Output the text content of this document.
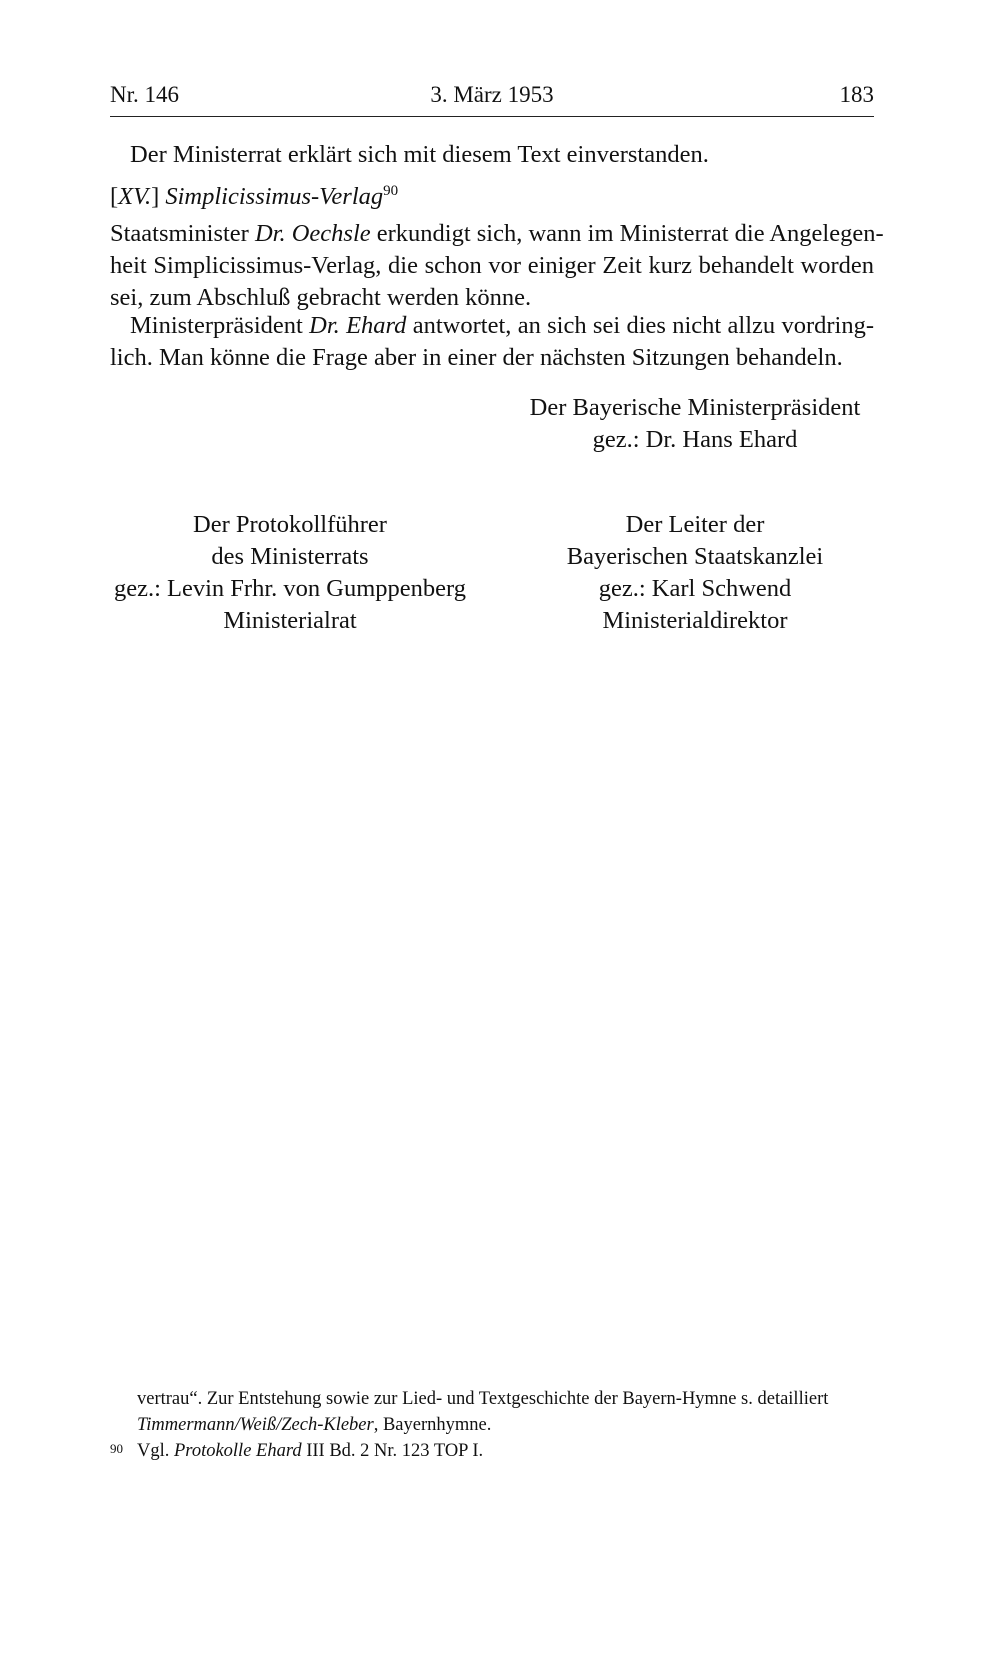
Nr. 146	3. März 1953	183
Der Ministerrat erklärt sich mit diesem Text einverstanden.
[XV.] Simplicissimus-Verlag$^{90}$
Staatsminister Dr. Oechsle erkundigt sich, wann im Ministerrat die Angelegen-
heit Simplicissimus-Verlag, die schon vor einiger Zeit kurz behandelt worden
sei, zum Abschluß gebracht werden könne.
Ministerpräsident Dr. Ehard antwortet, an sich sei dies nicht allzu vordring-
lich. Man könne die Frage aber in einer der nächsten Sitzungen behandeln.
Der Bayerische Ministerpräsident
gez.: Dr. Hans Ehard
Der Protokollführer
des Ministerrats
gez.: Levin Frhr. von Gumppenberg
Ministerialrat
Der Leiter der
Bayerischen Staatskanzlei
gez.: Karl Schwend
Ministerialdirektor
vertrau“. Zur Entstehung sowie zur Lied- und Textgeschichte der Bayern-Hymne s. detailliert
Timmermann/Weiß/Zech-Kleber, Bayernhymne.
90 Vgl. Protokolle Ehard III Bd. 2 Nr. 123 TOP I.
